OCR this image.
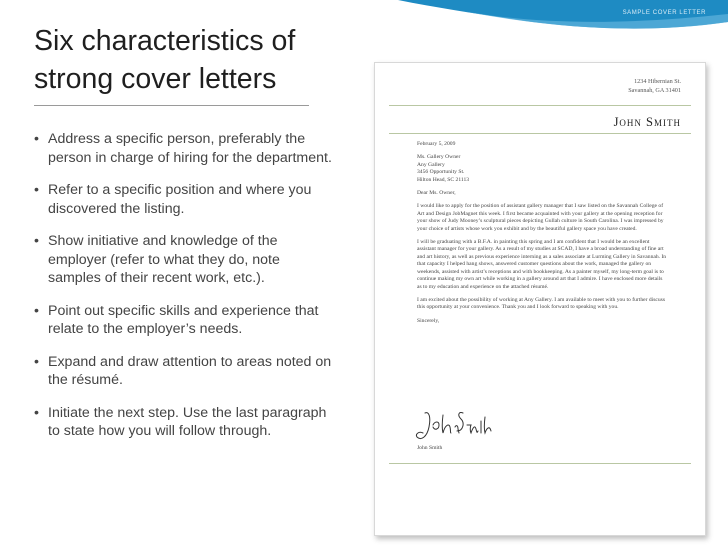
SAMPLE COVER LETTER
Six characteristics of strong cover letters
• Address a specific person, preferably the person in charge of hiring for the department.
• Refer to a specific position and where you discovered the listing.
• Show initiative and knowledge of the employer (refer to what they do, note samples of their recent work, etc.).
• Point out specific skills and experience that relate to the employer’s needs.
• Expand and draw attention to areas noted on the résumé.
• Initiate the next step. Use the last paragraph to state how you will follow through.
1234 Hibernian St.
Savannah, GA 31401
John Smith

February 5, 2009

Ms. Gallery Owner
Any Gallery
3456 Opportunity St.
Hilton Head, SC 21113

Dear Ms. Owner,

I would like to apply for the position of assistant gallery manager that I saw listed on the Savannah College of Art and Design JobMagnet this week. I first became acquainted with your gallery at the opening reception for your show of Judy Mooney’s sculptural pieces depicting Gullah culture in South Carolina. I was impressed by your choice of artists whose work you exhibit and by the beautiful gallery space you have created.

I will be graduating with a B.F.A. in painting this spring and I am confident that I would be an excellent assistant manager for your gallery. As a result of my studies at SCAD, I have a broad understanding of fine art and art history, as well as previous experience interning as a sales associate at Lurming Gallery in Savannah. In that capacity I helped hang shows, answered customer questions about the work, managed the gallery on weekends, assisted with artist’s receptions and with bookkeeping. As a painter myself, my long-term goal is to continue making my own art while working in a gallery around art that I admire. I have enclosed more details as to my education and experience on the attached résumé.

I am excited about the possibility of working at Any Gallery. I am available to meet with you to further discuss this opportunity at your convenience. Thank you and I look forward to speaking with you.

Sincerely,

John Smith
